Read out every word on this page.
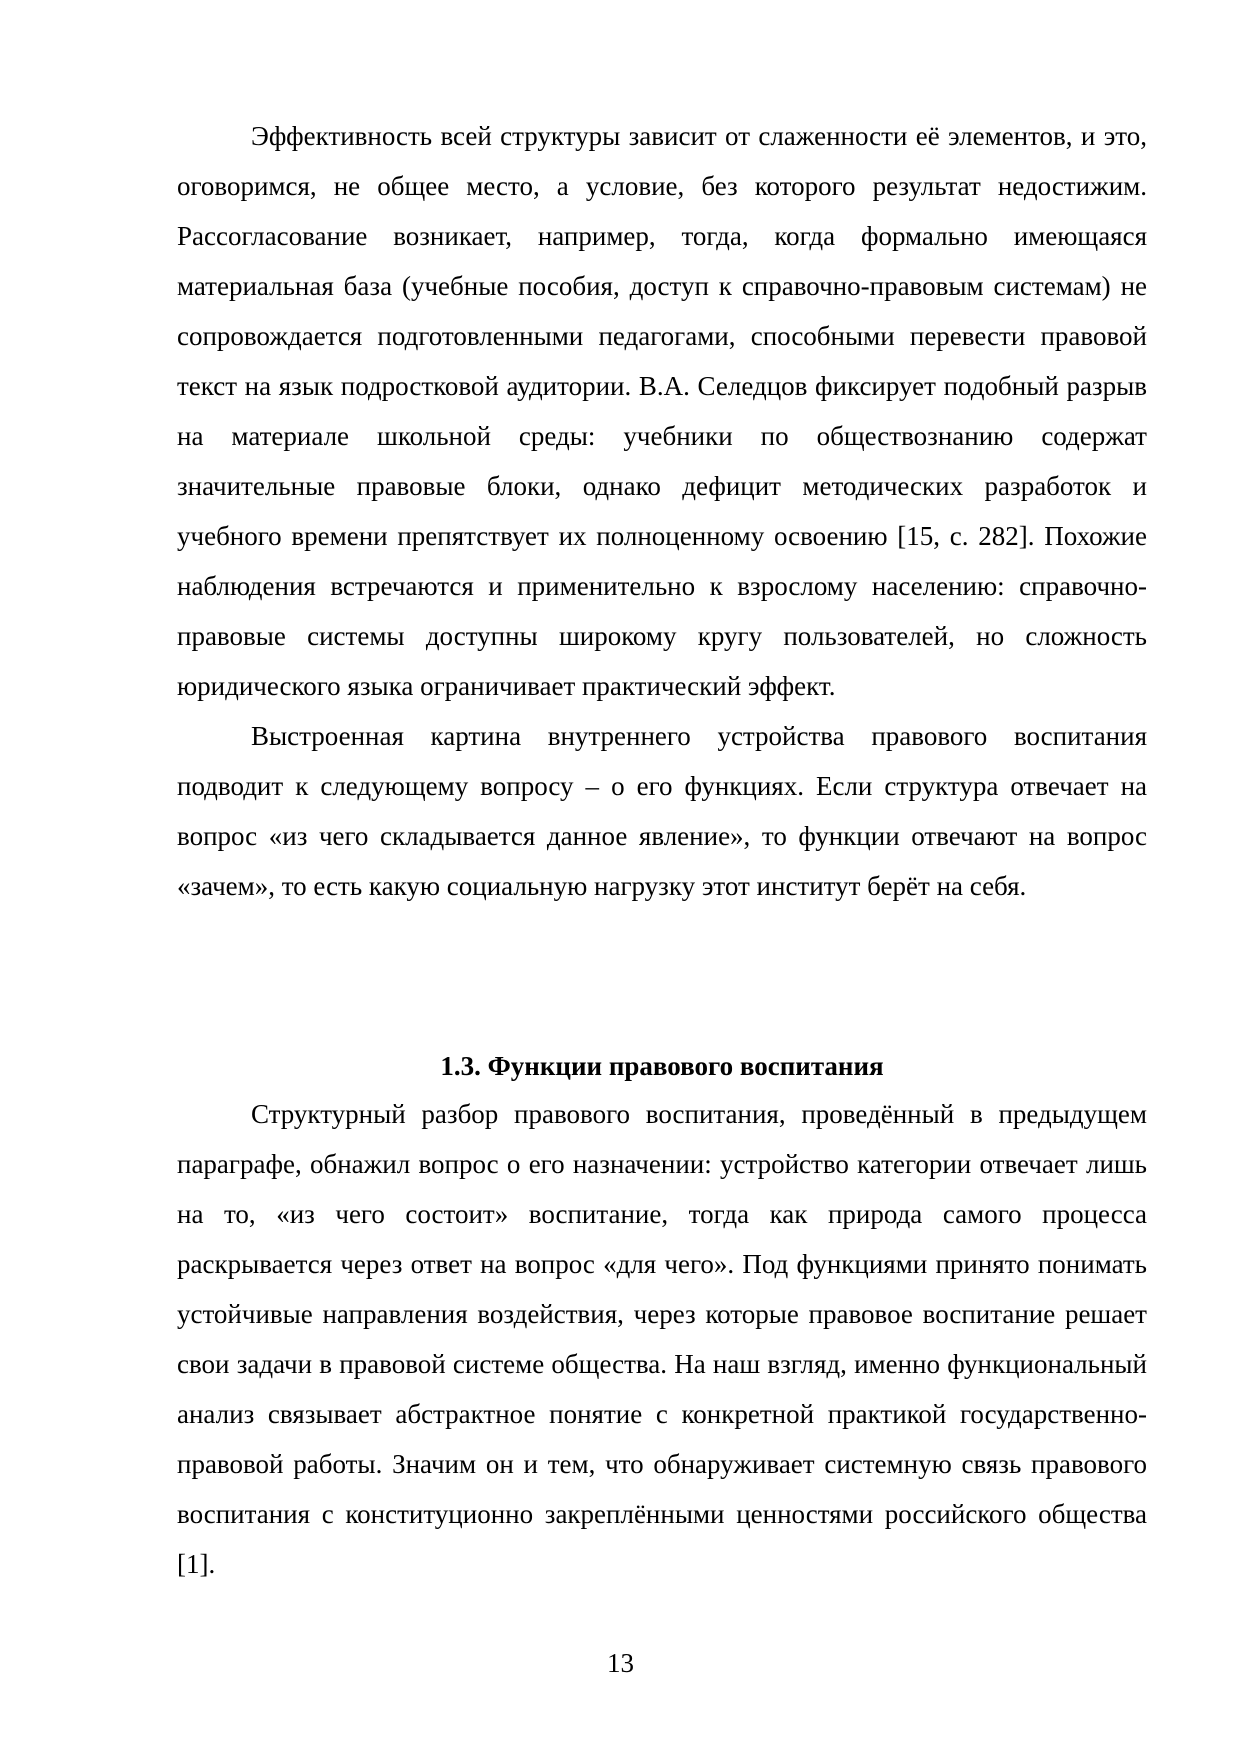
Эффективность всей структуры зависит от слаженности её элементов, и это, оговоримся, не общее место, а условие, без которого результат недостижим. Рассогласование возникает, например, тогда, когда формально имеющаяся материальная база (учебные пособия, доступ к справочно-правовым системам) не сопровождается подготовленными педагогами, способными перевести правовой текст на язык подростковой аудитории. В.А. Селедцов фиксирует подобный разрыв на материале школьной среды: учебники по обществознанию содержат значительные правовые блоки, однако дефицит методических разработок и учебного времени препятствует их полноценному освоению [15, с. 282]. Похожие наблюдения встречаются и применительно к взрослому населению: справочно-правовые системы доступны широкому кругу пользователей, но сложность юридического языка ограничивает практический эффект.

Выстроенная картина внутреннего устройства правового воспитания подводит к следующему вопросу – о его функциях. Если структура отвечает на вопрос «из чего складывается данное явление», то функции отвечают на вопрос «зачем», то есть какую социальную нагрузку этот институт берёт на себя.

1.3. Функции правового воспитания

Структурный разбор правового воспитания, проведённый в предыдущем параграфе, обнажил вопрос о его назначении: устройство категории отвечает лишь на то, «из чего состоит» воспитание, тогда как природа самого процесса раскрывается через ответ на вопрос «для чего». Под функциями принято понимать устойчивые направления воздействия, через которые правовое воспитание решает свои задачи в правовой системе общества. На наш взгляд, именно функциональный анализ связывает абстрактное понятие с конкретной практикой государственно-правовой работы. Значим он и тем, что обнаруживает системную связь правового воспитания с конституционно закреплёнными ценностями российского общества [1].

13
